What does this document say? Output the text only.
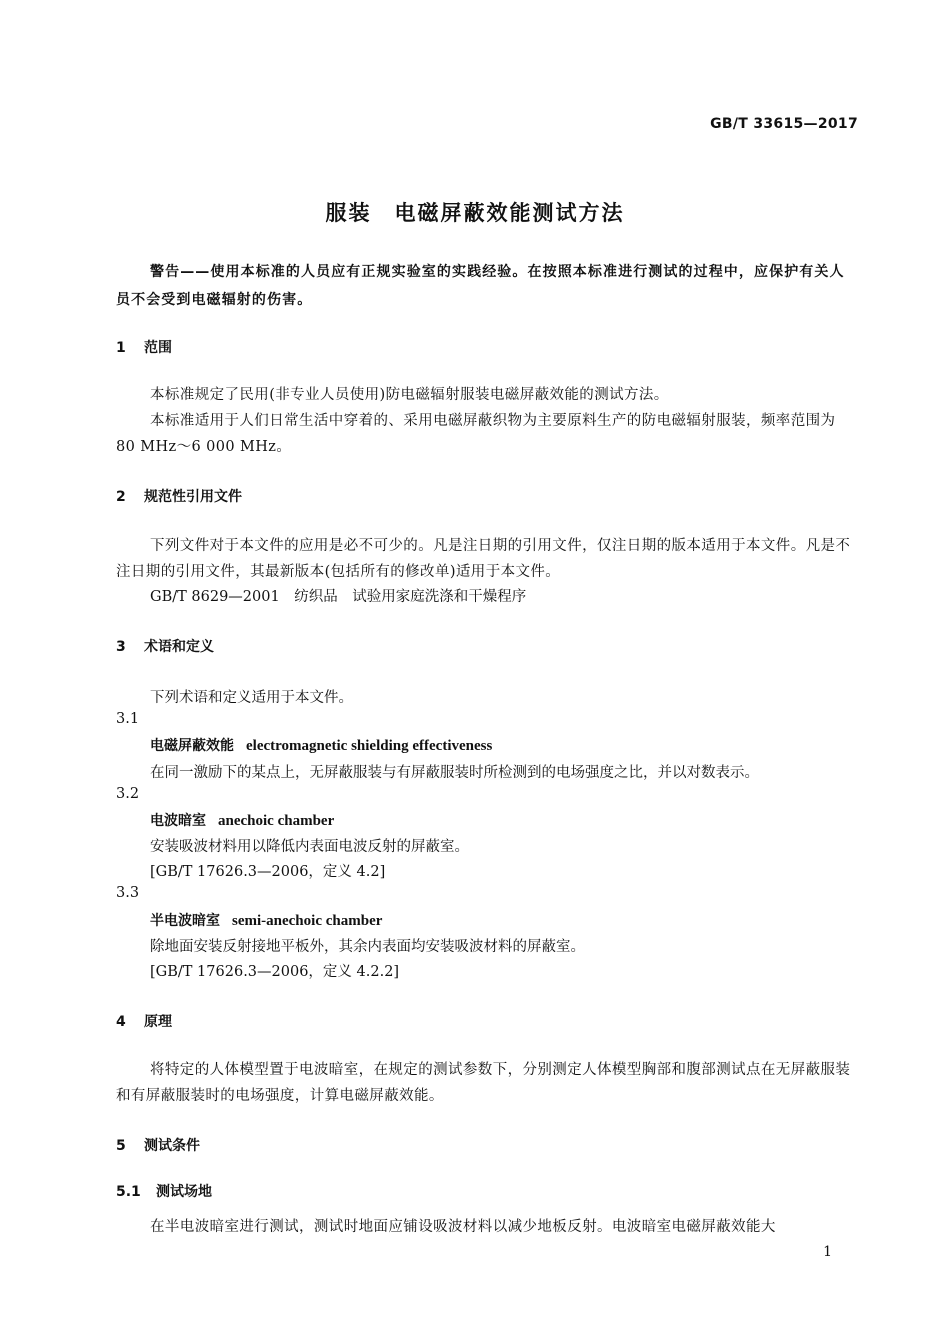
GB/T 33615—2017
服装　电磁屏蔽效能测试方法
警告——使用本标准的人员应有正规实验室的实践经验。在按照本标准进行测试的过程中，应保护有关人员不会受到电磁辐射的伤害。
1 范围
本标准规定了民用(非专业人员使用)防电磁辐射服装电磁屏蔽效能的测试方法。
本标准适用于人们日常生活中穿着的、采用电磁屏蔽织物为主要原料生产的防电磁辐射服装，频率范围为 80 MHz～6 000 MHz。
2 规范性引用文件
下列文件对于本文件的应用是必不可少的。凡是注日期的引用文件，仅注日期的版本适用于本文件。凡是不注日期的引用文件，其最新版本(包括所有的修改单)适用于本文件。
GB/T 8629—2001　纺织品　试验用家庭洗涤和干燥程序
3 术语和定义
下列术语和定义适用于本文件。
3.1
电磁屏蔽效能 electromagnetic shielding effectiveness
在同一激励下的某点上，无屏蔽服装与有屏蔽服装时所检测到的电场强度之比，并以对数表示。
3.2
电波暗室 anechoic chamber
安装吸波材料用以降低内表面电波反射的屏蔽室。
[GB/T 17626.3—2006，定义 4.2]
3.3
半电波暗室 semi-anechoic chamber
除地面安装反射接地平板外，其余内表面均安装吸波材料的屏蔽室。
[GB/T 17626.3—2006，定义 4.2.2]
4 原理
将特定的人体模型置于电波暗室，在规定的测试参数下，分别测定人体模型胸部和腹部测试点在无屏蔽服装和有屏蔽服装时的电场强度，计算电磁屏蔽效能。
5 测试条件
5.1 测试场地
在半电波暗室进行测试，测试时地面应铺设吸波材料以减少地板反射。电波暗室电磁屏蔽效能大
1
